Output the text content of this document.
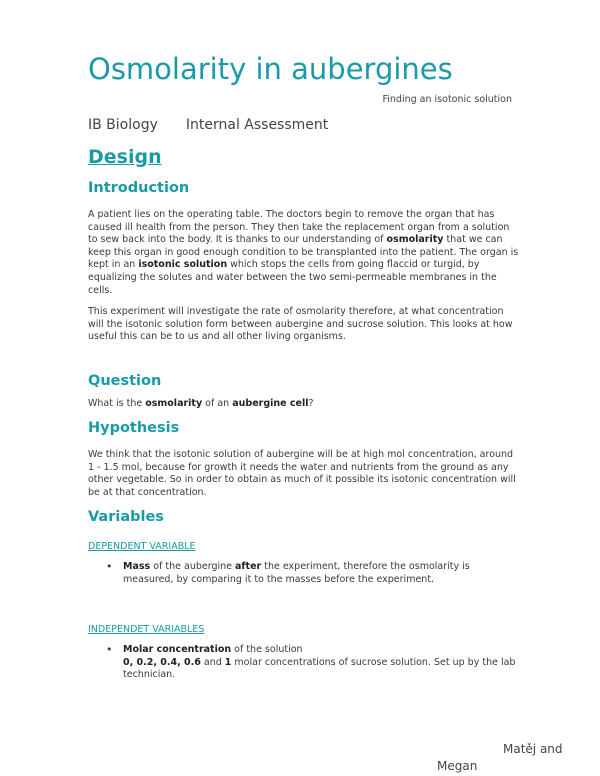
Osmolarity in aubergines
Finding an isotonic solution
IB Biology Internal Assessment
Design
Introduction
A patient lies on the operating table. The doctors begin to remove the organ that has caused ill health from the person. They then take the replacement organ from a solution to sew back into the body. It is thanks to our understanding of osmolarity that we can keep this organ in good enough condition to be transplanted into the patient. The organ is kept in an isotonic solution which stops the cells from going flaccid or turgid, by equalizing the solutes and water between the two semi-permeable membranes in the cells.
This experiment will investigate the rate of osmolarity therefore, at what concentration will the isotonic solution form between aubergine and sucrose solution. This looks at how useful this can be to us and all other living organisms.
Question
What is the osmolarity of an aubergine cell?
Hypothesis
We think that the isotonic solution of aubergine will be at high mol concentration, around                 1 - 1.5 mol, because for growth it needs the water and nutrients from the ground as any other vegetable. So in order to obtain as much of it possible its isotonic concentration will be at that concentration.
Variables
DEPENDENT VARIABLE
• Mass of the aubergine after the experiment, therefore the osmolarity is measured, by comparing it to the masses before the experiment.
INDEPENDET VARIABLES
• Molar concentration of the solution
0, 0.2, 0.4, 0.6 and 1 molar concentrations of sucrose solution. Set up by the lab technician.
Matěj and
Megan
